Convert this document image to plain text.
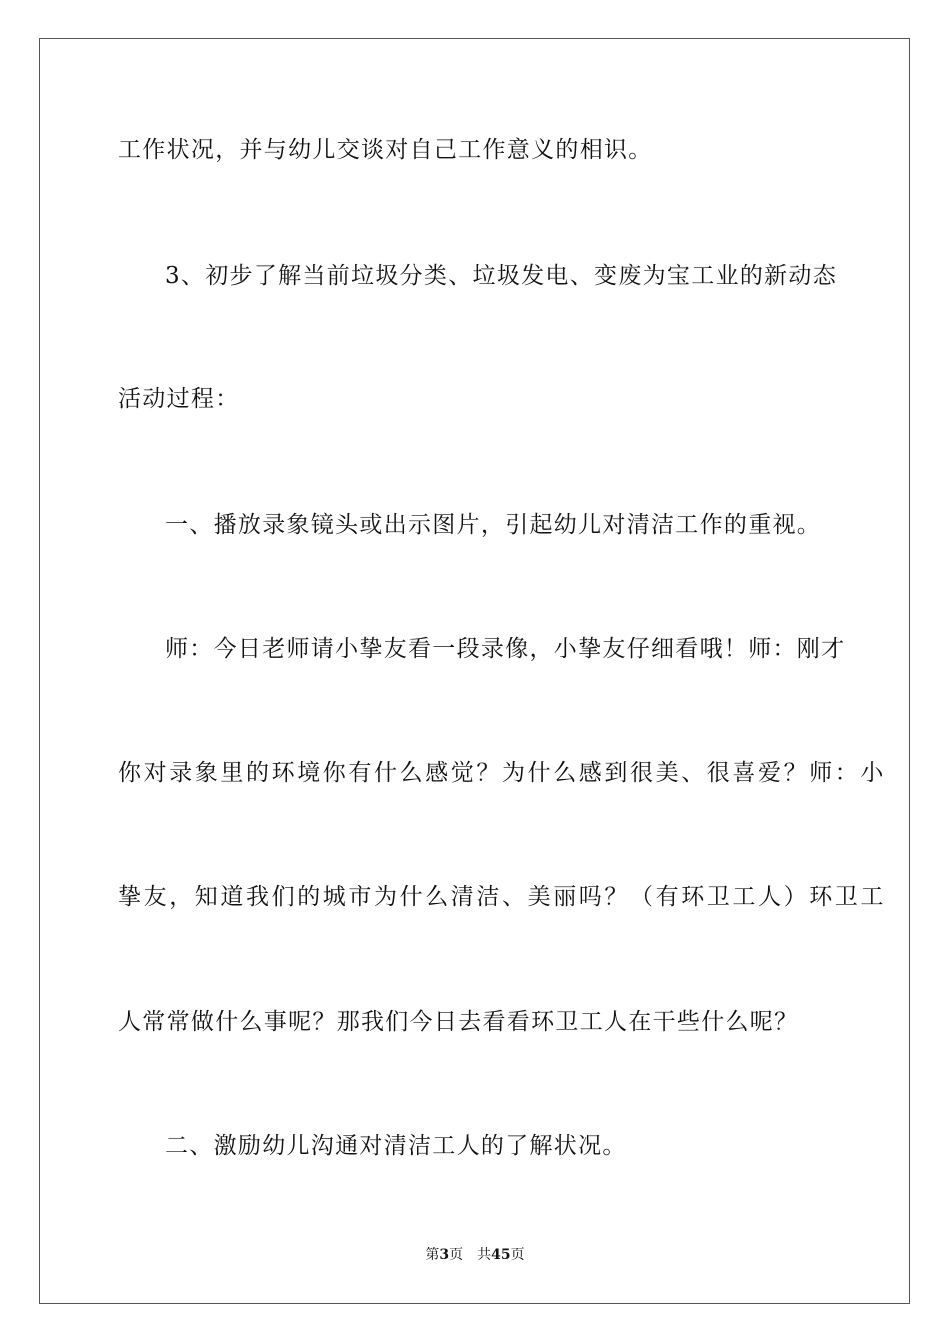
工作状况，并与幼儿交谈对自己工作意义的相识。
3、初步了解当前垃圾分类、垃圾发电、变废为宝工业的新动态
活动过程：
一、播放录象镜头或出示图片，引起幼儿对清洁工作的重视。
师：今日老师请小挚友看一段录像，小挚友仔细看哦！师：刚才
你对录象里的环境你有什么感觉？为什么感到很美、很喜爱？师：小
挚友，知道我们的城市为什么清洁、美丽吗？（有环卫工人）环卫工
人常常做什么事呢？那我们今日去看看环卫工人在干些什么呢？
二、激励幼儿沟通对清洁工人的了解状况。
第3页 共45页
